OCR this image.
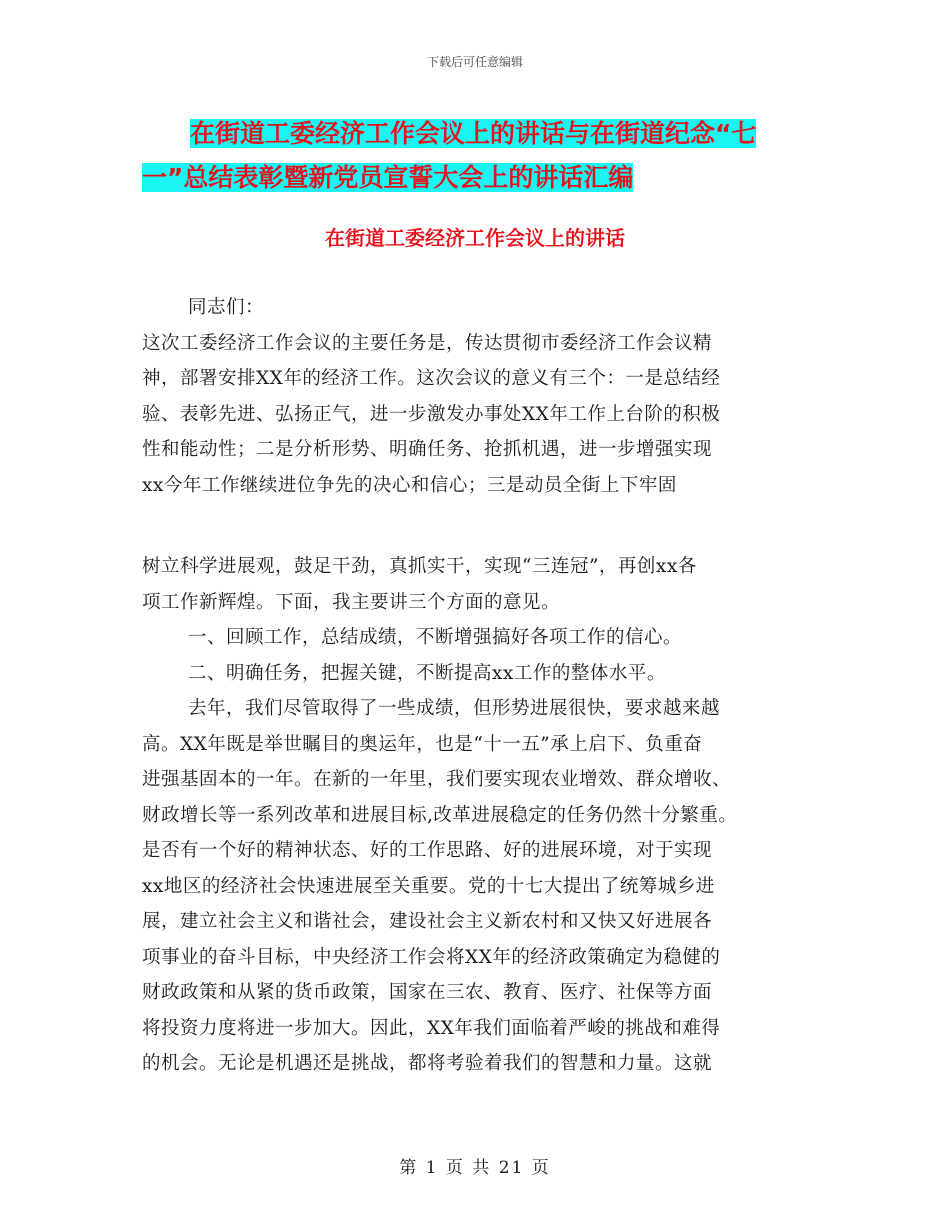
下载后可任意编辑
在街道工委经济工作会议上的讲话与在街道纪念“七
一”总结表彰暨新党员宣誓大会上的讲话汇编
在街道工委经济工作会议上的讲话

同志们：

这次工委经济工作会议的主要任务是，传达贯彻市委经济工作会议精

神，部署安排XX年的经济工作。这次会议的意义有三个：一是总结经

验、表彰先进、弘扬正气，进一步激发办事处XX年工作上台阶的积极

性和能动性；二是分析形势、明确任务、抢抓机遇，进一步增强实现

xx今年工作继续进位争先的决心和信心；三是动员全街上下牢固

树立科学进展观，鼓足干劲，真抓实干，实现“三连冠”，再创xx各

项工作新辉煌。下面，我主要讲三个方面的意见。

一、回顾工作，总结成绩，不断增强搞好各项工作的信心。

二、明确任务，把握关键，不断提高xx工作的整体水平。

去年，我们尽管取得了一些成绩，但形势进展很快，要求越来越

高。XX年既是举世瞩目的奥运年，也是“十一五”承上启下、负重奋

进强基固本的一年。在新的一年里，我们要实现农业增效、群众增收、

财政增长等一系列改革和进展目标,改革进展稳定的任务仍然十分繁重。

是否有一个好的精神状态、好的工作思路、好的进展环境，对于实现

xx地区的经济社会快速进展至关重要。党的十七大提出了统筹城乡进

展，建立社会主义和谐社会，建设社会主义新农村和又快又好进展各

项事业的奋斗目标，中央经济工作会将XX年的经济政策确定为稳健的

财政政策和从紧的货币政策，国家在三农、教育、医疗、社保等方面

将投资力度将进一步加大。因此，XX年我们面临着严峻的挑战和难得

的机会。无论是机遇还是挑战，都将考验着我们的智慧和力量。这就

第 1 页 共 21 页
